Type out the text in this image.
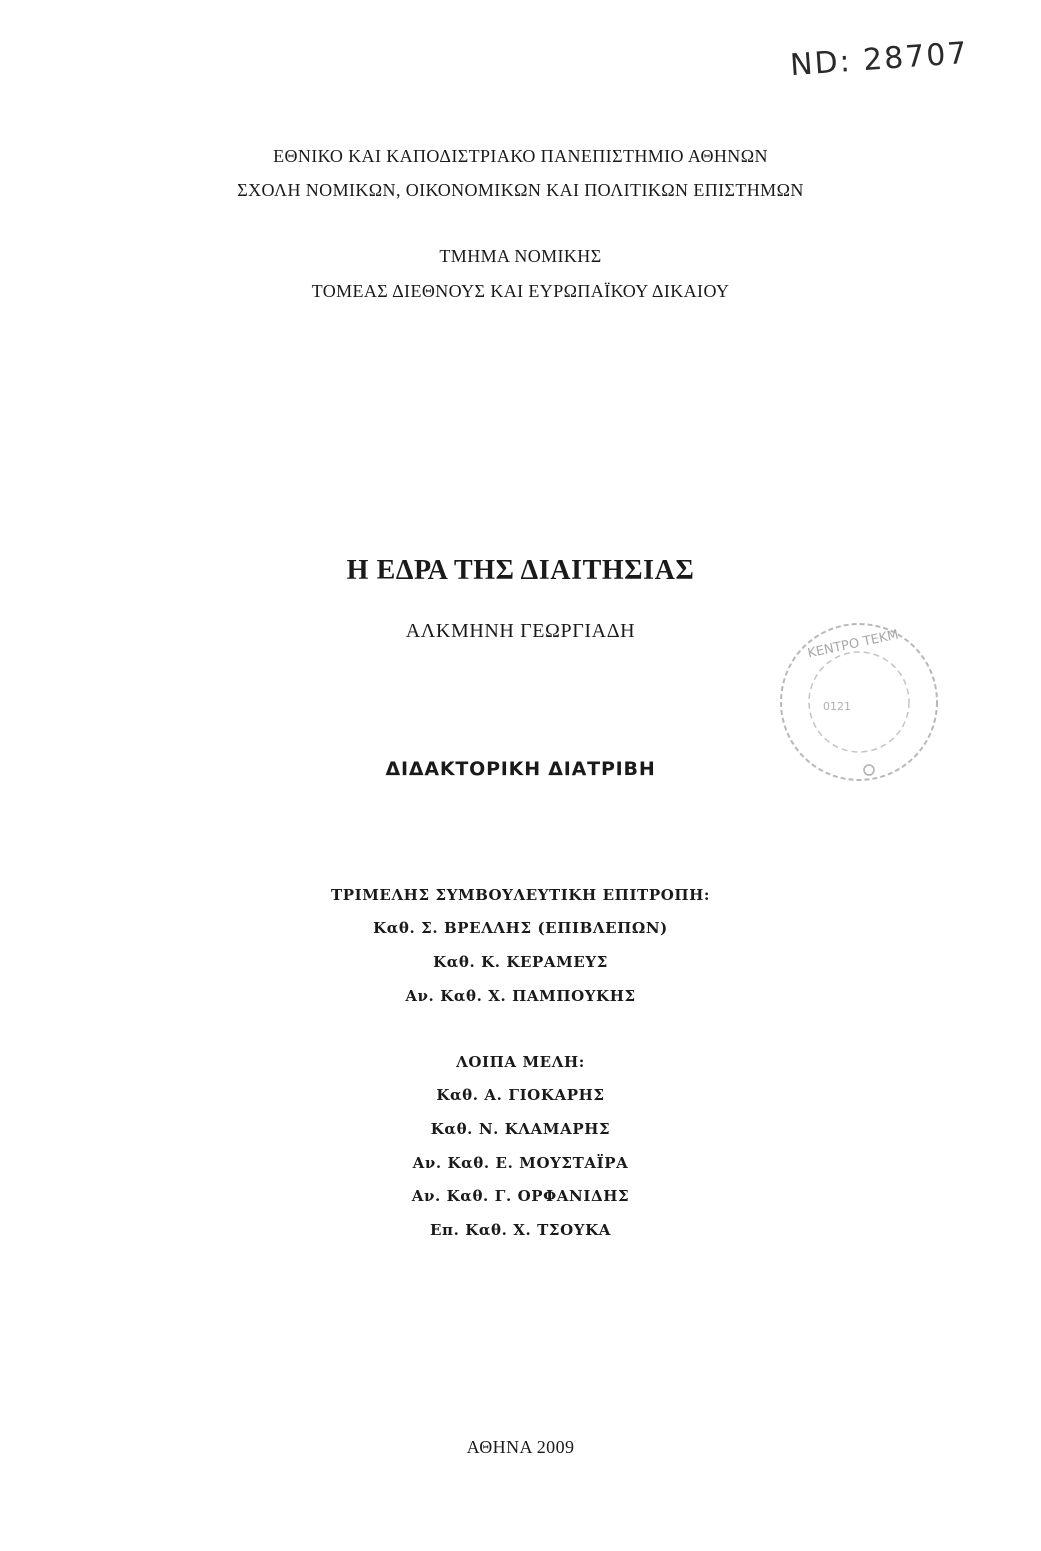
ND: 28707
ΕΘΝΙΚΟ ΚΑΙ ΚΑΠΟΔΙΣΤΡΙΑΚΟ ΠΑΝΕΠΙΣΤΗΜΙΟ ΑΘΗΝΩΝ
ΣΧΟΛΗ ΝΟΜΙΚΩΝ, ΟΙΚΟΝΟΜΙΚΩΝ ΚΑΙ ΠΟΛΙΤΙΚΩΝ ΕΠΙΣΤΗΜΩΝ
ΤΜΗΜΑ ΝΟΜΙΚΗΣ
ΤΟΜΕΑΣ ΔΙΕΘΝΟΥΣ ΚΑΙ ΕΥΡΩΠΑΪΚΟΥ ΔΙΚΑΙΟΥ
Η ΕΔΡΑ ΤΗΣ ΔΙΑΙΤΗΣΙΑΣ
ΑΛΚΜΗΝΗ ΓΕΩΡΓΙΑΔΗ
ΔΙΔΑΚΤΟΡΙΚΗ ΔΙΑΤΡΙΒΗ
ΤΡΙΜΕΛΗΣ ΣΥΜΒΟΥΛΕΥΤΙΚΗ ΕΠΙΤΡΟΠΗ:
Καθ. Σ. ΒΡΕΛΛΗΣ (ΕΠΙΒΛΕΠΩΝ)
Καθ. Κ. ΚΕΡΑΜΕΥΣ
Αν. Καθ. Χ. ΠΑΜΠΟΥΚΗΣ
ΛΟΙΠΑ ΜΕΛΗ:
Καθ. Α. ΓΙΟΚΑΡΗΣ
Καθ. Ν. ΚΛΑΜΑΡΗΣ
Αν. Καθ. Ε. ΜΟΥΣΤΑΪΡΑ
Αν. Καθ. Γ. ΟΡΦΑΝΙΔΗΣ
Επ. Καθ. Χ. ΤΣΟΥΚΑ
ΑΘΗΝΑ 2009
ΚΕΝΤΡΟ ΤΕΚΜ
0121
